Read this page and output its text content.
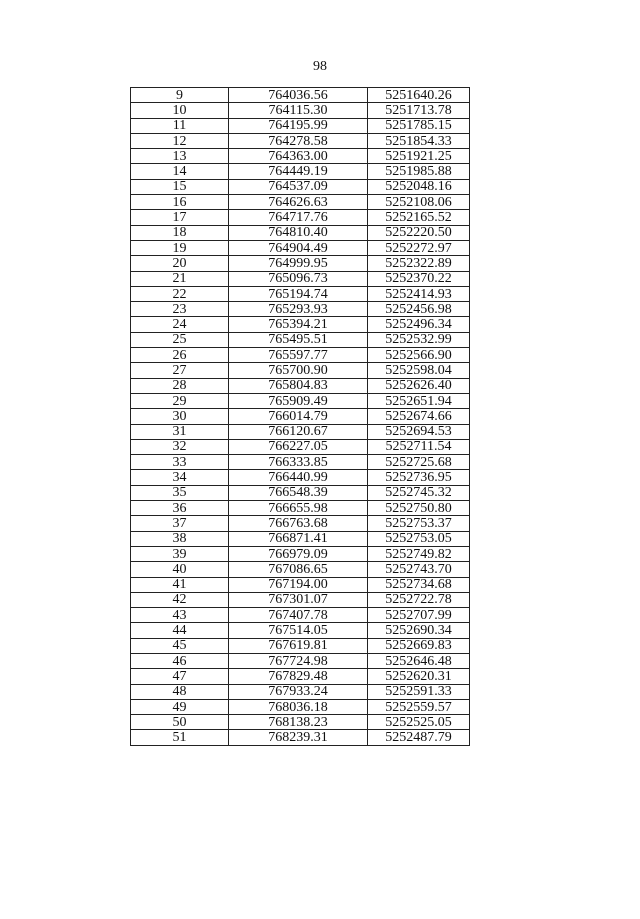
98
9	764036.56	5251640.26
10	764115.30	5251713.78
11	764195.99	5251785.15
12	764278.58	5251854.33
13	764363.00	5251921.25
14	764449.19	5251985.88
15	764537.09	5252048.16
16	764626.63	5252108.06
17	764717.76	5252165.52
18	764810.40	5252220.50
19	764904.49	5252272.97
20	764999.95	5252322.89
21	765096.73	5252370.22
22	765194.74	5252414.93
23	765293.93	5252456.98
24	765394.21	5252496.34
25	765495.51	5252532.99
26	765597.77	5252566.90
27	765700.90	5252598.04
28	765804.83	5252626.40
29	765909.49	5252651.94
30	766014.79	5252674.66
31	766120.67	5252694.53
32	766227.05	5252711.54
33	766333.85	5252725.68
34	766440.99	5252736.95
35	766548.39	5252745.32
36	766655.98	5252750.80
37	766763.68	5252753.37
38	766871.41	5252753.05
39	766979.09	5252749.82
40	767086.65	5252743.70
41	767194.00	5252734.68
42	767301.07	5252722.78
43	767407.78	5252707.99
44	767514.05	5252690.34
45	767619.81	5252669.83
46	767724.98	5252646.48
47	767829.48	5252620.31
48	767933.24	5252591.33
49	768036.18	5252559.57
50	768138.23	5252525.05
51	768239.31	5252487.79
